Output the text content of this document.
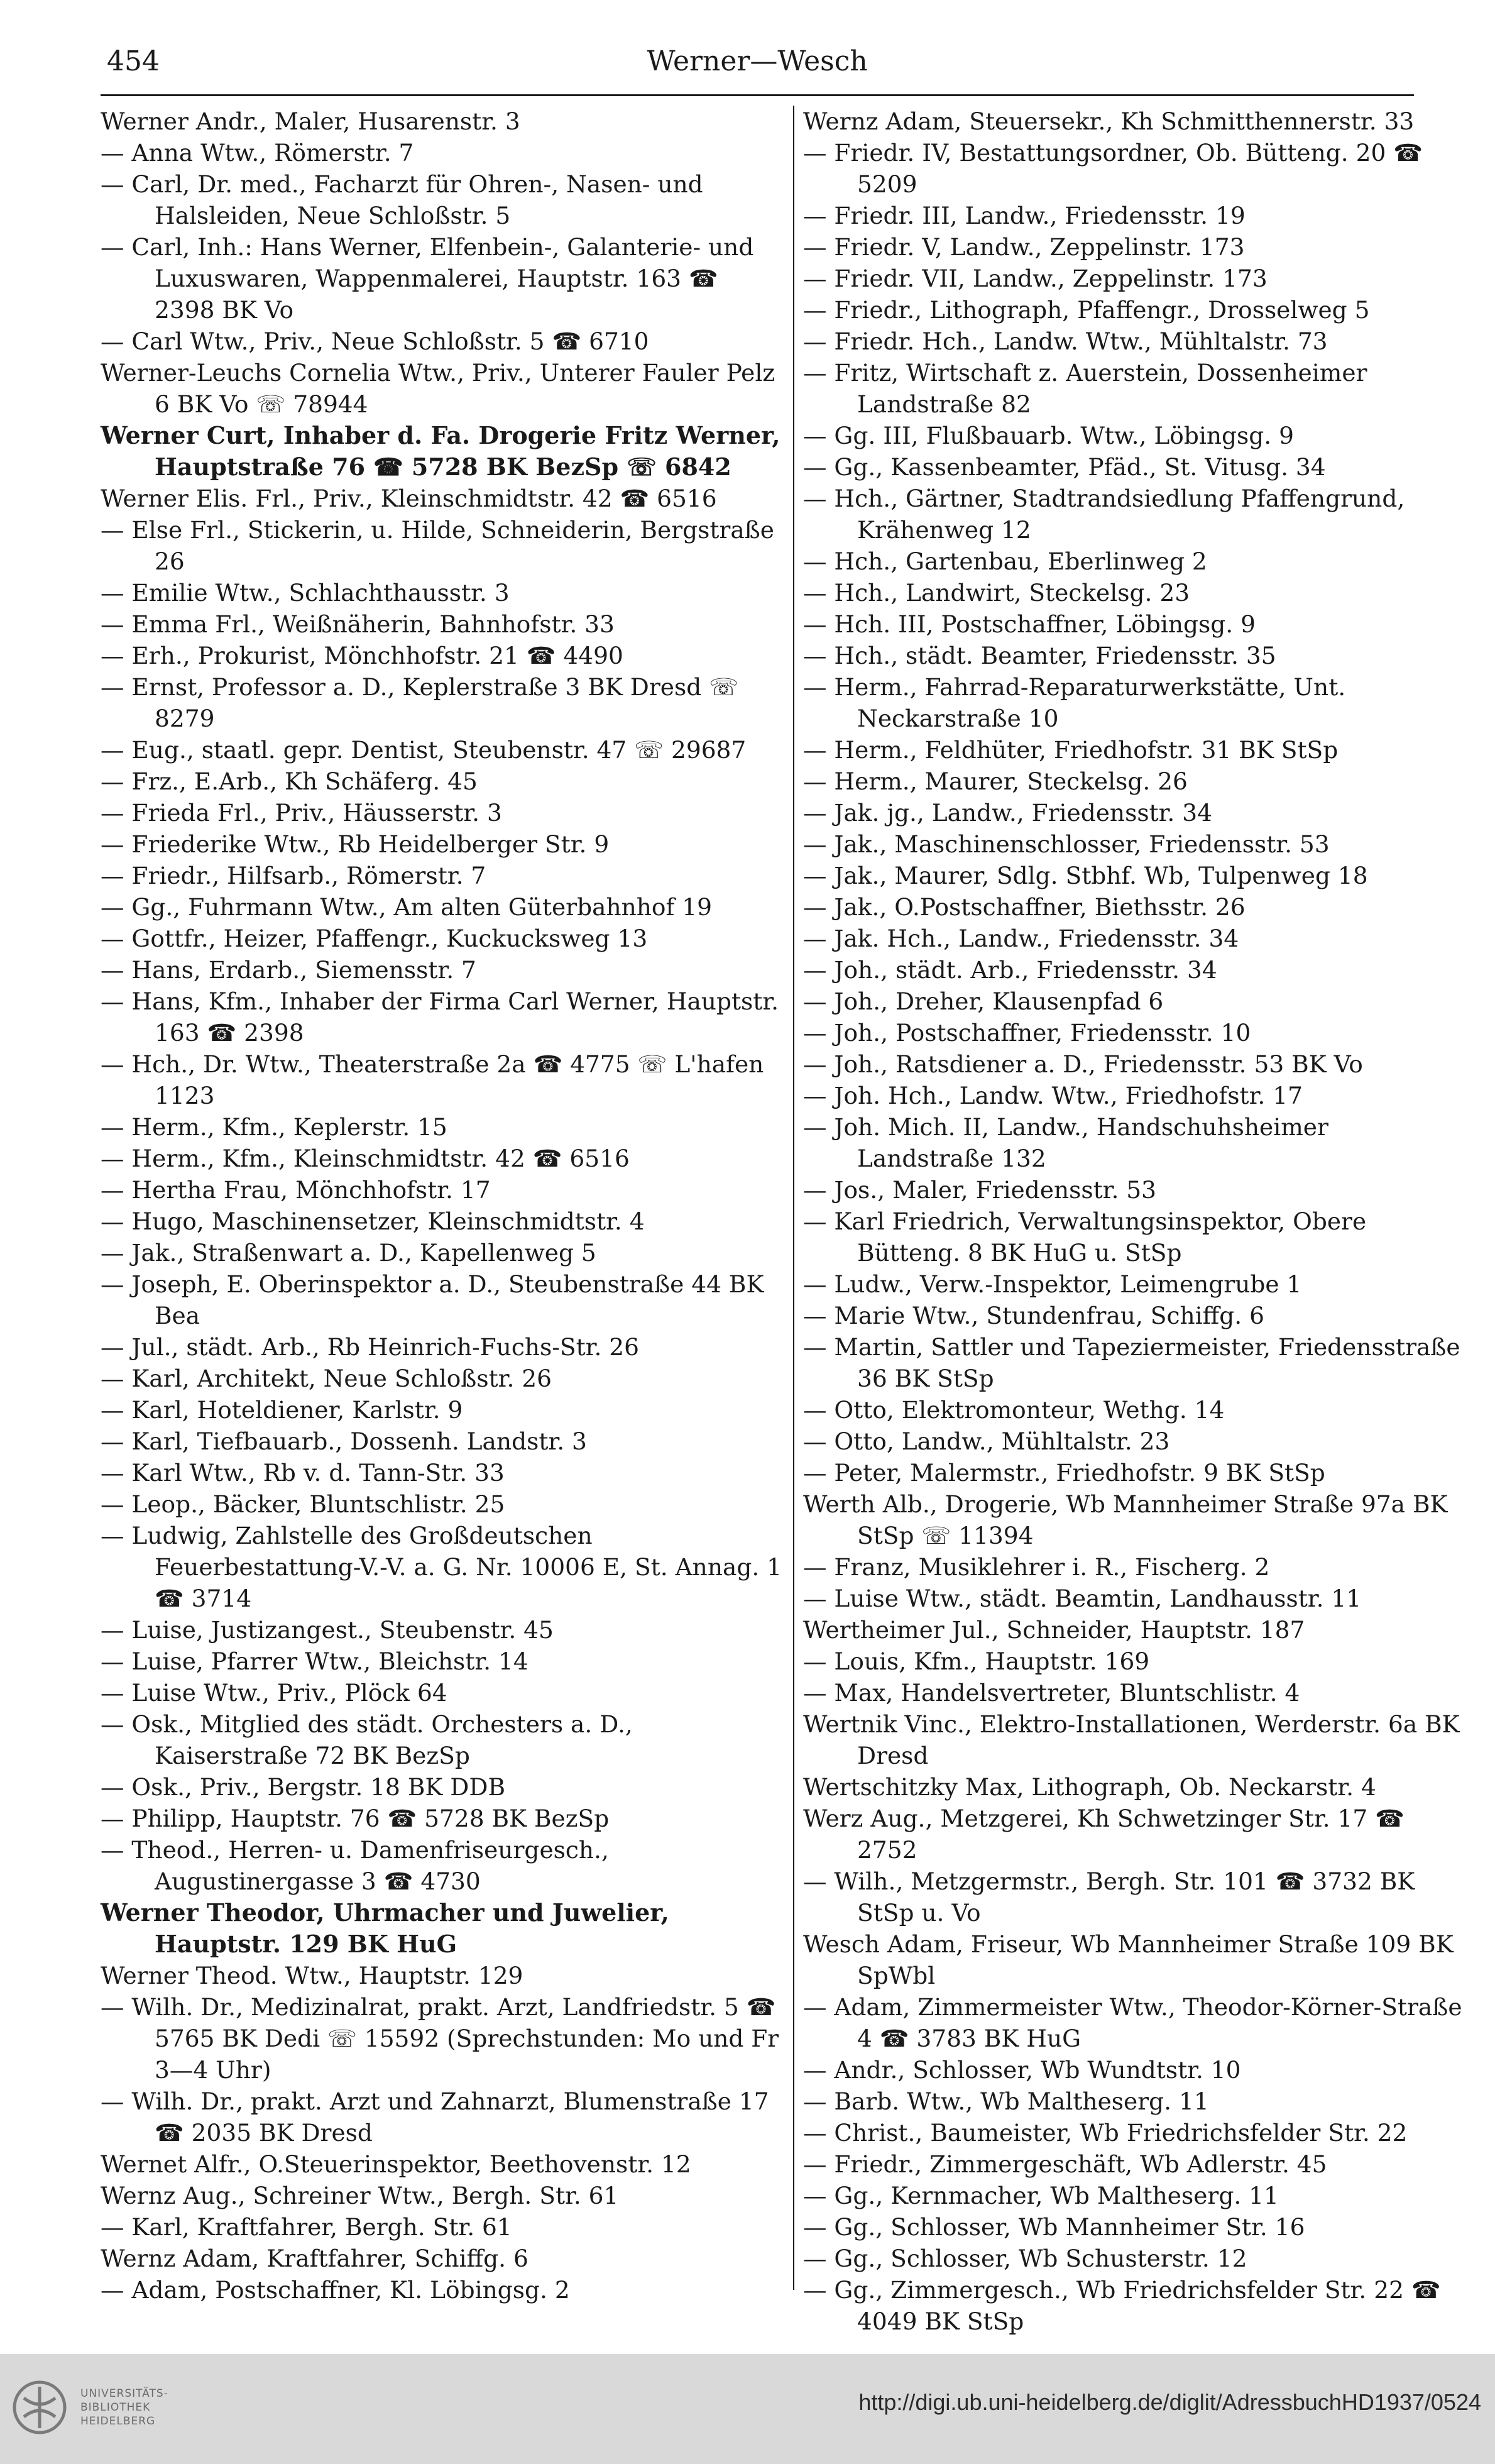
454	Werner—Wesch

Werner Andr., Maler, Husarenstr. 3

— Anna Wtw., Römerstr. 7

— Carl, Dr. med., Facharzt für Ohren-, Nasen- und Halsleiden, Neue Schloßstr. 5

— Carl, Inh.: Hans Werner, Elfenbein-, Galanterie- und Luxuswaren, Wappenmalerei, Hauptstr. 163 ☎ 2398 BK Vo

— Carl Wtw., Priv., Neue Schloßstr. 5 ☎ 6710

Werner-Leuchs Cornelia Wtw., Priv., Unterer Fauler Pelz 6 BK Vo ☏ 78944

Werner Curt, Inhaber d. Fa. Drogerie Fritz Werner, Hauptstraße 76 ☎ 5728 BK BezSp ☏ 6842

Werner Elis. Frl., Priv., Kleinschmidtstr. 42 ☎ 6516

— Else Frl., Stickerin, u. Hilde, Schneiderin, Bergstraße 26

— Emilie Wtw., Schlachthausstr. 3

— Emma Frl., Weißnäherin, Bahnhofstr. 33

— Erh., Prokurist, Mönchhofstr. 21 ☎ 4490

— Ernst, Professor a. D., Keplerstraße 3 BK Dresd ☏ 8279

— Eug., staatl. gepr. Dentist, Steubenstr. 47 ☏ 29687

— Frz., E.Arb., Kh Schäferg. 45

— Frieda Frl., Priv., Häusserstr. 3

— Friederike Wtw., Rb Heidelberger Str. 9

— Friedr., Hilfsarb., Römerstr. 7

— Gg., Fuhrmann Wtw., Am alten Güterbahnhof 19

— Gottfr., Heizer, Pfaffengr., Kuckucksweg 13

— Hans, Erdarb., Siemensstr. 7

— Hans, Kfm., Inhaber der Firma Carl Werner, Hauptstr. 163 ☎ 2398

— Hch., Dr. Wtw., Theaterstraße 2a ☎ 4775 ☏ L'hafen 1123

— Herm., Kfm., Keplerstr. 15

— Herm., Kfm., Kleinschmidtstr. 42 ☎ 6516

— Hertha Frau, Mönchhofstr. 17

— Hugo, Maschinensetzer, Kleinschmidtstr. 4

— Jak., Straßenwart a. D., Kapellenweg 5

— Joseph, E. Oberinspektor a. D., Steubenstraße 44 BK Bea

— Jul., städt. Arb., Rb Heinrich-Fuchs-Str. 26

— Karl, Architekt, Neue Schloßstr. 26

— Karl, Hoteldiener, Karlstr. 9

— Karl, Tiefbauarb., Dossenh. Landstr. 3

— Karl Wtw., Rb v. d. Tann-Str. 33

— Leop., Bäcker, Bluntschlistr. 25

— Ludwig, Zahlstelle des Großdeutschen Feuerbestattung-V.-V. a. G. Nr. 10006 E, St. Annag. 1 ☎ 3714

— Luise, Justizangest., Steubenstr. 45

— Luise, Pfarrer Wtw., Bleichstr. 14

— Luise Wtw., Priv., Plöck 64

— Osk., Mitglied des städt. Orchesters a. D., Kaiserstraße 72 BK BezSp

— Osk., Priv., Bergstr. 18 BK DDB

— Philipp, Hauptstr. 76 ☎ 5728 BK BezSp

— Theod., Herren- u. Damenfriseurgesch., Augustinergasse 3 ☎ 4730

Werner Theodor, Uhrmacher und Juwelier, Hauptstr. 129 BK HuG

Werner Theod. Wtw., Hauptstr. 129

— Wilh. Dr., Medizinalrat, prakt. Arzt, Landfriedstr. 5 ☎ 5765 BK Dedi ☏ 15592 (Sprechstunden: Mo und Fr 3—4 Uhr)

— Wilh. Dr., prakt. Arzt und Zahnarzt, Blumenstraße 17 ☎ 2035 BK Dresd

Wernet Alfr., O.Steuerinspektor, Beethovenstr. 12

Wernz Aug., Schreiner Wtw., Bergh. Str. 61

— Karl, Kraftfahrer, Bergh. Str. 61

Wernz Adam, Kraftfahrer, Schiffg. 6

— Adam, Postschaffner, Kl. Löbingsg. 2

Wernz Adam, Steuersekr., Kh Schmitthennerstr. 33

— Friedr. IV, Bestattungsordner, Ob. Bütteng. 20 ☎ 5209

— Friedr. III, Landw., Friedensstr. 19

— Friedr. V, Landw., Zeppelinstr. 173

— Friedr. VII, Landw., Zeppelinstr. 173

— Friedr., Lithograph, Pfaffengr., Drosselweg 5

— Friedr. Hch., Landw. Wtw., Mühltalstr. 73

— Fritz, Wirtschaft z. Auerstein, Dossenheimer Landstraße 82

— Gg. III, Flußbauarb. Wtw., Löbingsg. 9

— Gg., Kassenbeamter, Pfäd., St. Vitusg. 34

— Hch., Gärtner, Stadtrandsiedlung Pfaffengrund, Krähenweg 12

— Hch., Gartenbau, Eberlinweg 2

— Hch., Landwirt, Steckelsg. 23

— Hch. III, Postschaffner, Löbingsg. 9

— Hch., städt. Beamter, Friedensstr. 35

— Herm., Fahrrad-Reparaturwerkstätte, Unt. Neckarstraße 10

— Herm., Feldhüter, Friedhofstr. 31 BK StSp

— Herm., Maurer, Steckelsg. 26

— Jak. jg., Landw., Friedensstr. 34

— Jak., Maschinenschlosser, Friedensstr. 53

— Jak., Maurer, Sdlg. Stbhf. Wb, Tulpenweg 18

— Jak., O.Postschaffner, Biethsstr. 26

— Jak. Hch., Landw., Friedensstr. 34

— Joh., städt. Arb., Friedensstr. 34

— Joh., Dreher, Klausenpfad 6

— Joh., Postschaffner, Friedensstr. 10

— Joh., Ratsdiener a. D., Friedensstr. 53 BK Vo

— Joh. Hch., Landw. Wtw., Friedhofstr. 17

— Joh. Mich. II, Landw., Handschuhsheimer Landstraße 132

— Jos., Maler, Friedensstr. 53

— Karl Friedrich, Verwaltungsinspektor, Obere Bütteng. 8 BK HuG u. StSp

— Ludw., Verw.-Inspektor, Leimengrube 1

— Marie Wtw., Stundenfrau, Schiffg. 6

— Martin, Sattler und Tapeziermeister, Friedensstraße 36 BK StSp

— Otto, Elektromonteur, Wethg. 14

— Otto, Landw., Mühltalstr. 23

— Peter, Malermstr., Friedhofstr. 9 BK StSp

Werth Alb., Drogerie, Wb Mannheimer Straße 97a BK StSp ☏ 11394

— Franz, Musiklehrer i. R., Fischerg. 2

— Luise Wtw., städt. Beamtin, Landhausstr. 11

Wertheimer Jul., Schneider, Hauptstr. 187

— Louis, Kfm., Hauptstr. 169

— Max, Handelsvertreter, Bluntschlistr. 4

Wertnik Vinc., Elektro-Installationen, Werderstr. 6a BK Dresd

Wertschitzky Max, Lithograph, Ob. Neckarstr. 4

Werz Aug., Metzgerei, Kh Schwetzinger Str. 17 ☎ 2752

— Wilh., Metzgermstr., Bergh. Str. 101 ☎ 3732 BK StSp u. Vo

Wesch Adam, Friseur, Wb Mannheimer Straße 109 BK SpWbl

— Adam, Zimmermeister Wtw., Theodor-Körner-Straße 4 ☎ 3783 BK HuG

— Andr., Schlosser, Wb Wundtstr. 10

— Barb. Wtw., Wb Maltheserg. 11

— Christ., Baumeister, Wb Friedrichsfelder Str. 22

— Friedr., Zimmergeschäft, Wb Adlerstr. 45

— Gg., Kernmacher, Wb Maltheserg. 11

— Gg., Schlosser, Wb Mannheimer Str. 16

— Gg., Schlosser, Wb Schusterstr. 12

— Gg., Zimmergesch., Wb Friedrichsfelder Str. 22 ☎ 4049 BK StSp

UNIVERSITÄTS-
BIBLIOTHEK
HEIDELBERG
http://digi.ub.uni-heidelberg.de/diglit/AdressbuchHD1937/0524
